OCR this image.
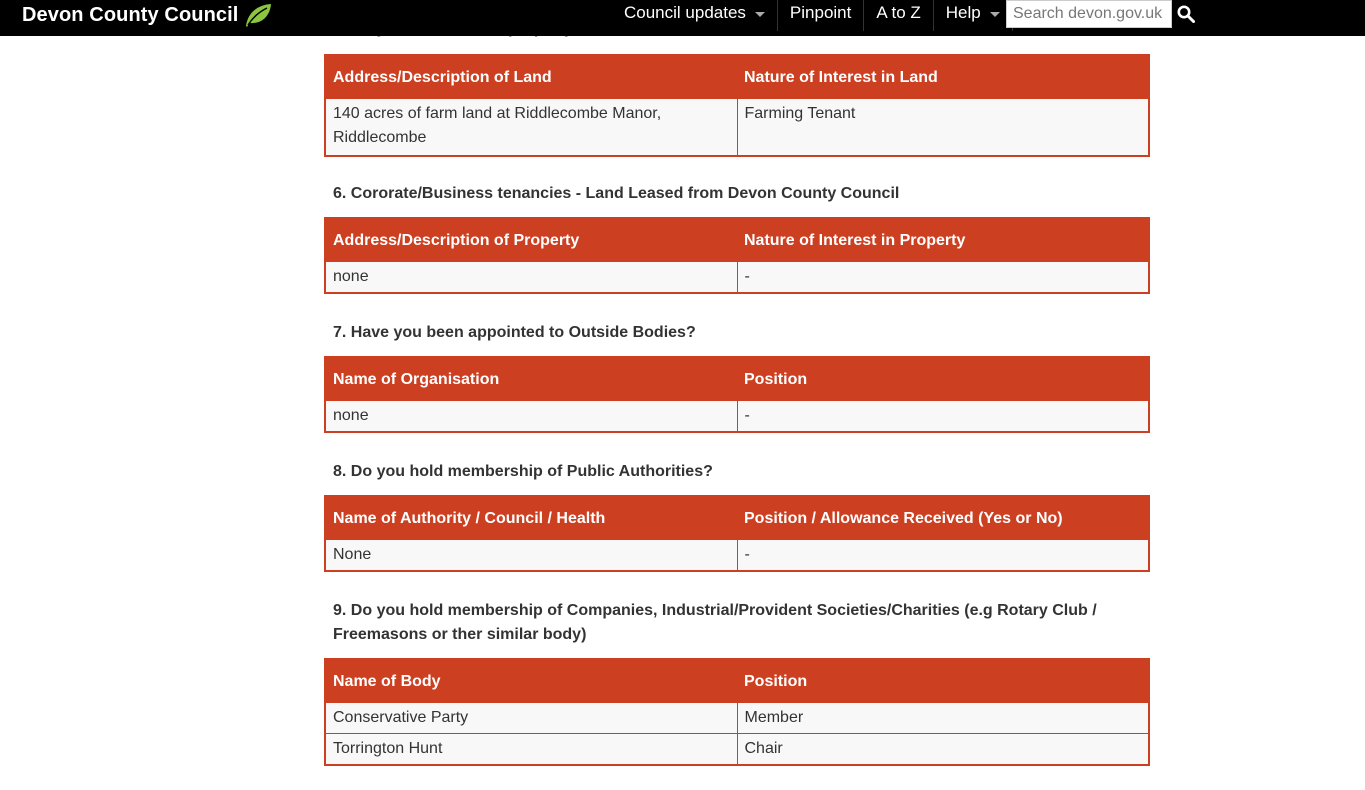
Devon County Council	Council updates	Pinpoint A to Z Help
Search devon.gov.uk
Address/Description of Land	Nature of Interest in Land
140 acres of farm land at Riddlecombe Manor, Riddlecombe	Farming Tenant
6. Cororate/Business tenancies - Land Leased from Devon County Council
Address/Description of Property	Nature of Interest in Property
none	-
7. Have you been appointed to Outside Bodies?
Name of Organisation	Position
none	-
8. Do you hold membership of Public Authorities?
Name of Authority / Council / Health	Position / Allowance Received (Yes or No)
None	-
9. Do you hold membership of Companies, Industrial/Provident Societies/Charities (e.g Rotary Club / Freemasons or ther similar body)
Name of Body	Position
Conservative Party	Member
Torrington Hunt	Chair
